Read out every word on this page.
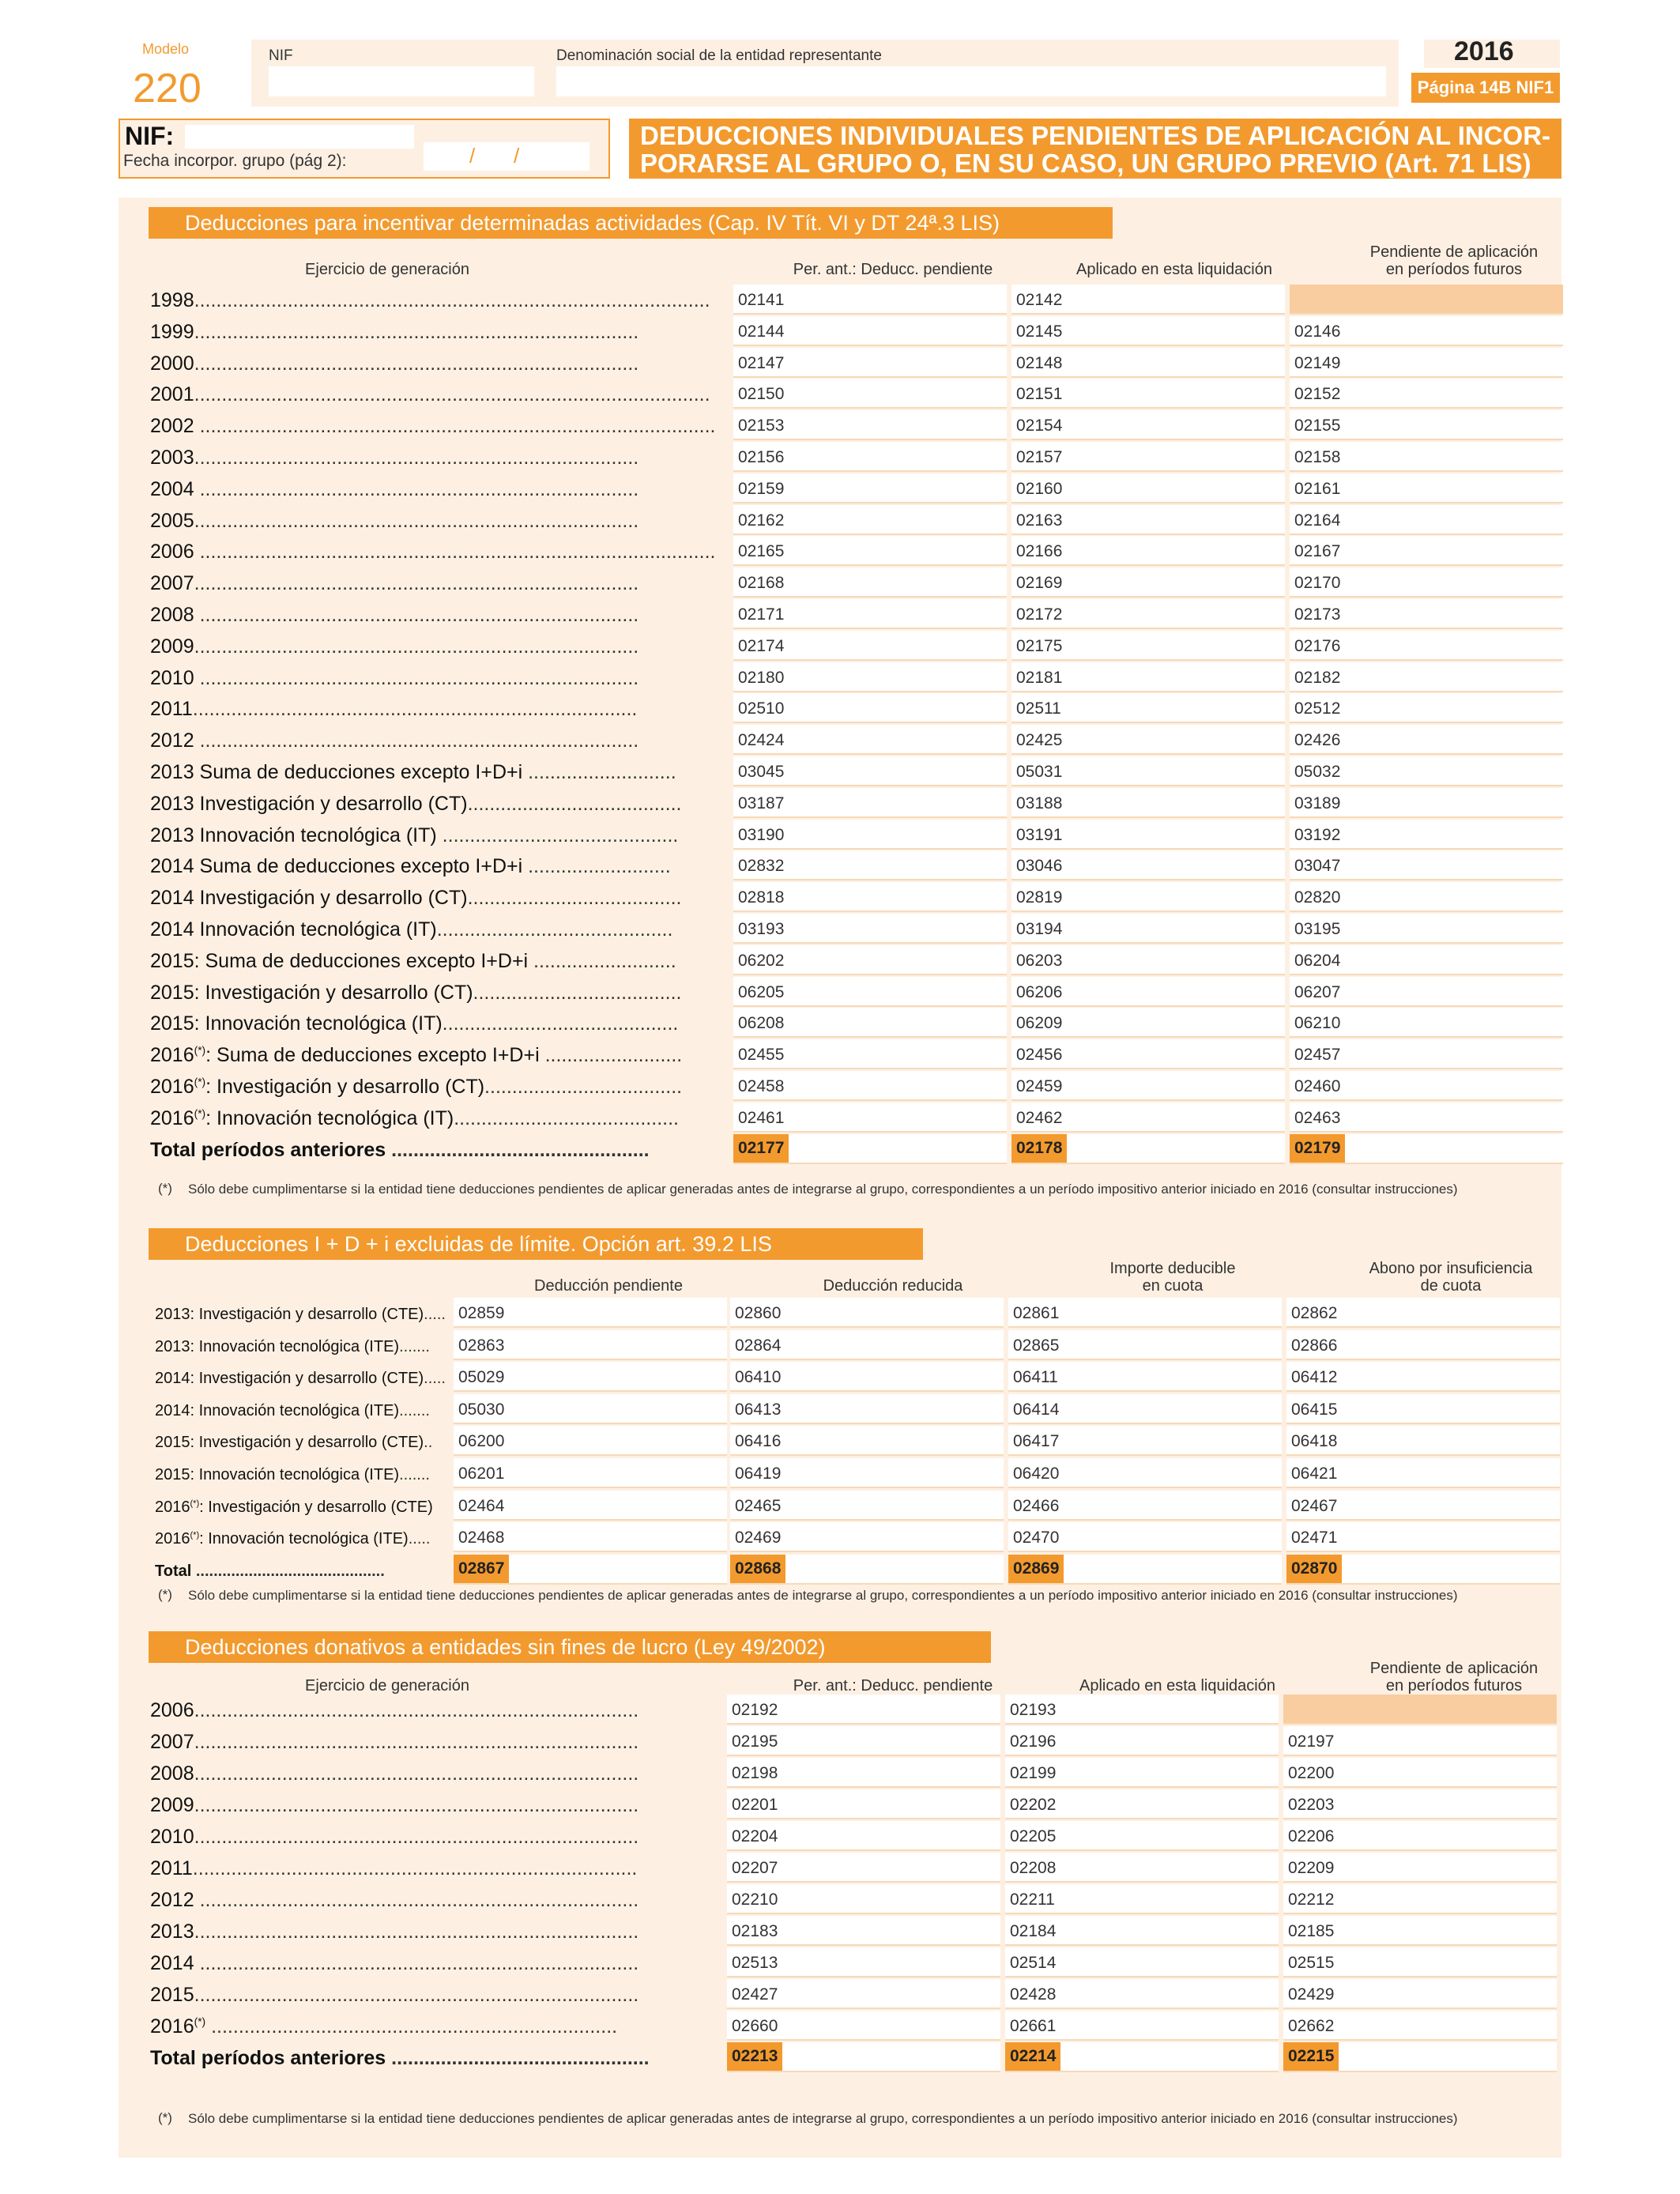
Modelo
220
NIF	Denominación social de la entidad representante	2016
Página 14B NIF1
NIF:
Fecha incorpor. grupo (pág 2):	/ /
DEDUCCIONES INDIVIDUALES PENDIENTES DE APLICACIÓN AL INCOR-
PORARSE AL GRUPO O, EN SU CASO, UN GRUPO PREVIO (Art. 71 LIS)
Deducciones para incentivar determinadas actividades (Cap. IV Tít. VI y DT 24ª.3 LIS)
Ejercicio de generación	Per. ant.: Deducc. pendiente	Aplicado en esta liquidación
Pendiente de aplicación
en períodos futuros
1998..............................................................................................	02141	02142
1999.................................................................................	02144	02145	02146
2000.................................................................................	02147	02148	02149
2001..............................................................................................	02150	02151	02152
2002 .............................................................................................. 02153	02154	02155
2003.................................................................................	02156	02157	02158
2004 ................................................................................	02159	02160	02161
2005.................................................................................	02162	02163	02164
2006 .............................................................................................. 02165	02166	02167
2007.................................................................................	02168	02169	02170
2008 ................................................................................	02171	02172	02173
2009.................................................................................	02174	02175	02176
2010 ................................................................................	02180	02181	02182
2011.................................................................................	02510	02511	02512
2012 ................................................................................	02424	02425	02426
2013 Suma de deducciones excepto I+D+i ...........................	03045	05031	05032
2013 Investigación y desarrollo (CT).......................................	03187	03188	03189
2013 Innovación tecnológica (IT) ...........................................	03190	03191	03192
2014 Suma de deducciones excepto I+D+i ..........................	02832	03046	03047
2014 Investigación y desarrollo (CT).......................................	02818	02819	02820
2014 Innovación tecnológica (IT)...........................................	03193	03194	03195
2015: Suma de deducciones excepto I+D+i ..........................	06202	06203	06204
2015: Investigación y desarrollo (CT)......................................	06205	06206	06207
2015: Innovación tecnológica (IT)...........................................	06208	06209	06210
2016(*): Suma de deducciones excepto I+D+i .........................	02455	02456	02457
2016(*): Investigación y desarrollo (CT)....................................	02458	02459	02460
2016(*): Innovación tecnológica (IT).........................................	02461	02462	02463
Total períodos anteriores ...............................................	02177	02178	02179
(*) Sólo debe cumplimentarse si la entidad tiene deducciones pendientes de aplicar generadas antes de integrarse al grupo, correspondientes a un período impositivo anterior iniciado en 2016 (consultar instrucciones)
Deducciones I + D + i excluidas de límite. Opción art. 39.2 LIS
Deducción pendiente	Deducción reducida
Importe deducible
en cuota
Abono por insuficiencia
de cuota
2013: Investigación y desarrollo (CTE)..... 02859	02860	02861	02862
2013: Innovación tecnológica (ITE).......	02863	02864	02865	02866
2014: Investigación y desarrollo (CTE)..... 05029	06410	06411	06412
2014: Innovación tecnológica (ITE).......	05030	06413	06414	06415
2015: Investigación y desarrollo (CTE)..	06200	06416	06417	06418
2015: Innovación tecnológica (ITE).......	06201	06419	06420	06421
2016(*): Investigación y desarrollo (CTE)	02464	02465	02466	02467
2016(*): Innovación tecnológica (ITE).....	02468	02469	02470	02471
Total ...........................................	02867	02868	02869	02870
(*) Sólo debe cumplimentarse si la entidad tiene deducciones pendientes de aplicar generadas antes de integrarse al grupo, correspondientes a un período impositivo anterior iniciado en 2016 (consultar instrucciones)
Deducciones donativos a entidades sin fines de lucro (Ley 49/2002)
Ejercicio de generación	Per. ant.: Deducc. pendiente	Aplicado en esta liquidación
Pendiente de aplicación
en períodos futuros
2006.................................................................................	02192	02193
2007.................................................................................	02195	02196	02197
2008.................................................................................	02198	02199	02200
2009.................................................................................	02201	02202	02203
2010.................................................................................	02204	02205	02206
2011.................................................................................	02207	02208	02209
2012 ................................................................................	02210	02211	02212
2013.................................................................................	02183	02184	02185
2014 ................................................................................	02513	02514	02515
2015.................................................................................	02427	02428	02429
2016(*) ..........................................................................	02660	02661	02662
Total períodos anteriores ...............................................	02213	02214	02215
(*) Sólo debe cumplimentarse si la entidad tiene deducciones pendientes de aplicar generadas antes de integrarse al grupo, correspondientes a un período impositivo anterior iniciado en 2016 (consultar instrucciones)
